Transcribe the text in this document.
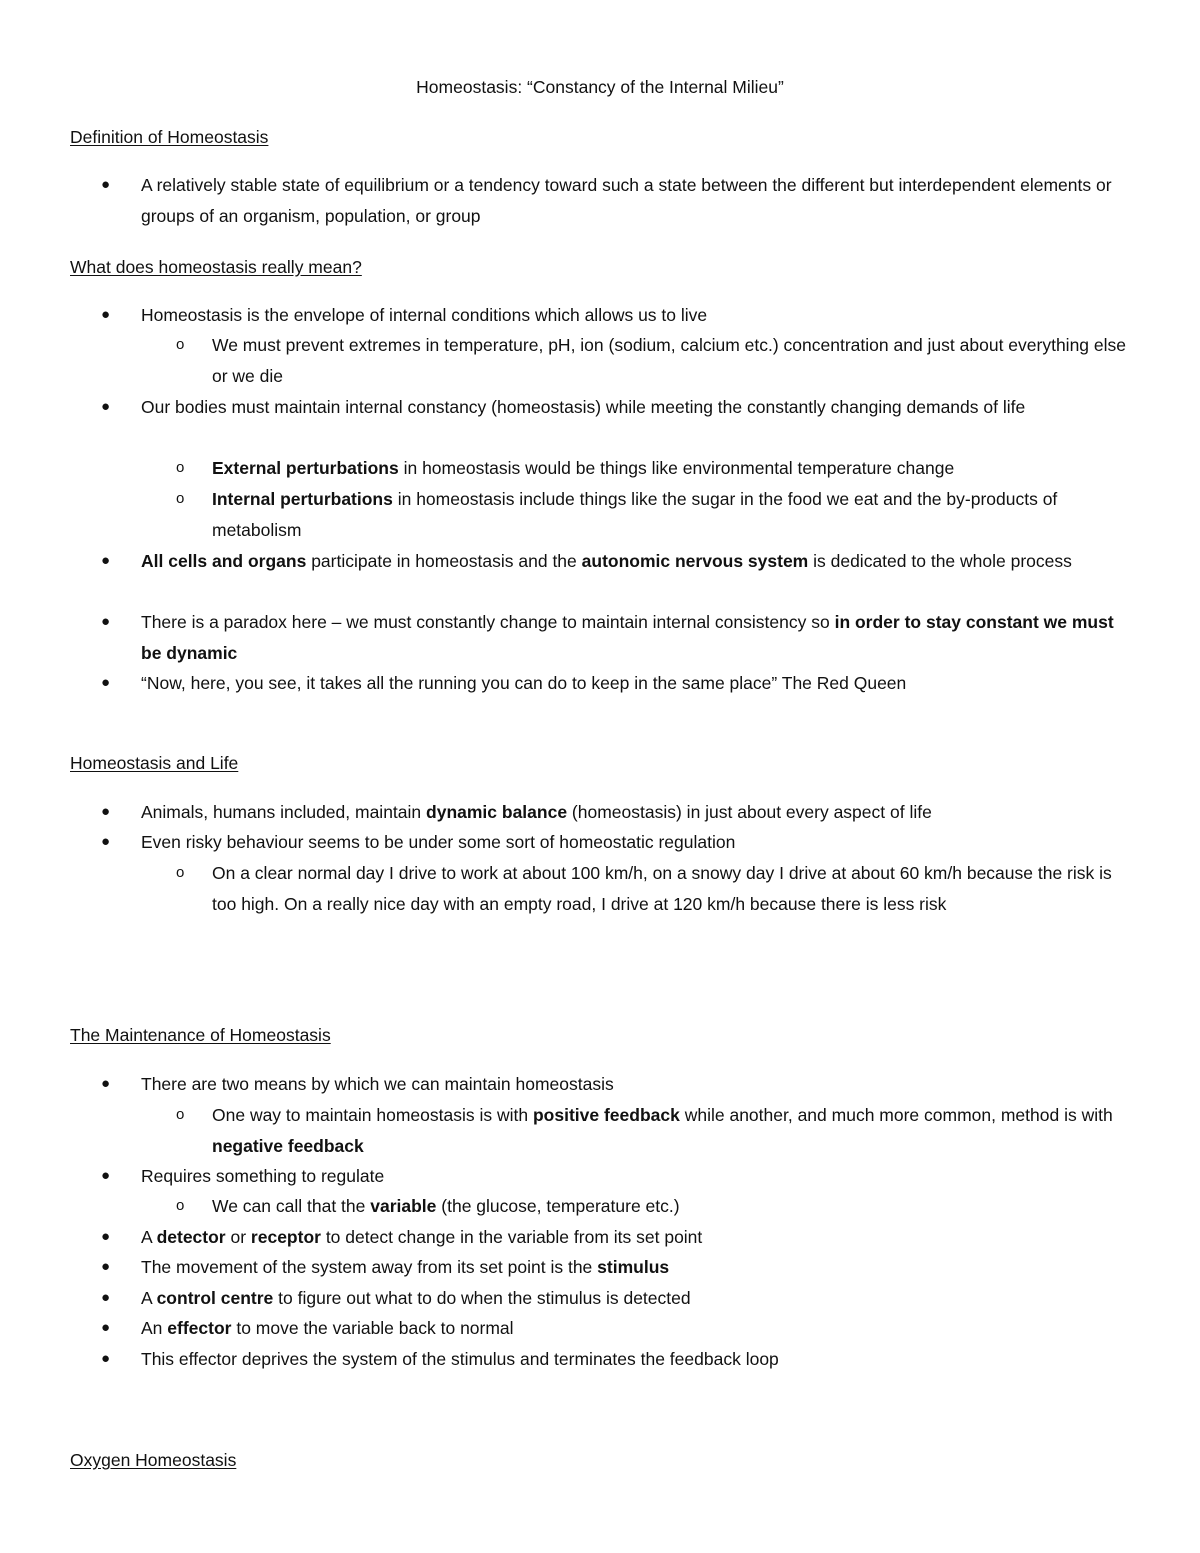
Homeostasis: “Constancy of the Internal Milieu”
Definition of Homeostasis
● A relatively stable state of equilibrium or a tendency toward such a state between the different but interdependent elements or groups of an organism, population, or group
What does homeostasis really mean?
● Homeostasis is the envelope of internal conditions which allows us to live
o We must prevent extremes in temperature, pH, ion (sodium, calcium etc.) concentration and just about everything else or we die
● Our bodies must maintain internal constancy (homeostasis) while meeting the constantly changing demands of life
o External perturbations in homeostasis would be things like environmental temperature change
o Internal perturbations in homeostasis include things like the sugar in the food we eat and the by-products of metabolism
● All cells and organs participate in homeostasis and the autonomic nervous system is dedicated to the whole process
● There is a paradox here – we must constantly change to maintain internal consistency so in order to stay constant we must be dynamic
● “Now, here, you see, it takes all the running you can do to keep in the same place” The Red Queen
Homeostasis and Life
● Animals, humans included, maintain dynamic balance (homeostasis) in just about every aspect of life
● Even risky behaviour seems to be under some sort of homeostatic regulation
o On a clear normal day I drive to work at about 100 km/h, on a snowy day I drive at about 60 km/h because the risk is too high. On a really nice day with an empty road, I drive at 120 km/h because there is less risk
The Maintenance of Homeostasis
● There are two means by which we can maintain homeostasis
o One way to maintain homeostasis is with positive feedback while another, and much more common, method is with negative feedback
● Requires something to regulate
o We can call that the variable (the glucose, temperature etc.)
● A detector or receptor to detect change in the variable from its set point
● The movement of the system away from its set point is the stimulus
● A control centre to figure out what to do when the stimulus is detected
● An effector to move the variable back to normal
● This effector deprives the system of the stimulus and terminates the feedback loop
Oxygen Homeostasis
